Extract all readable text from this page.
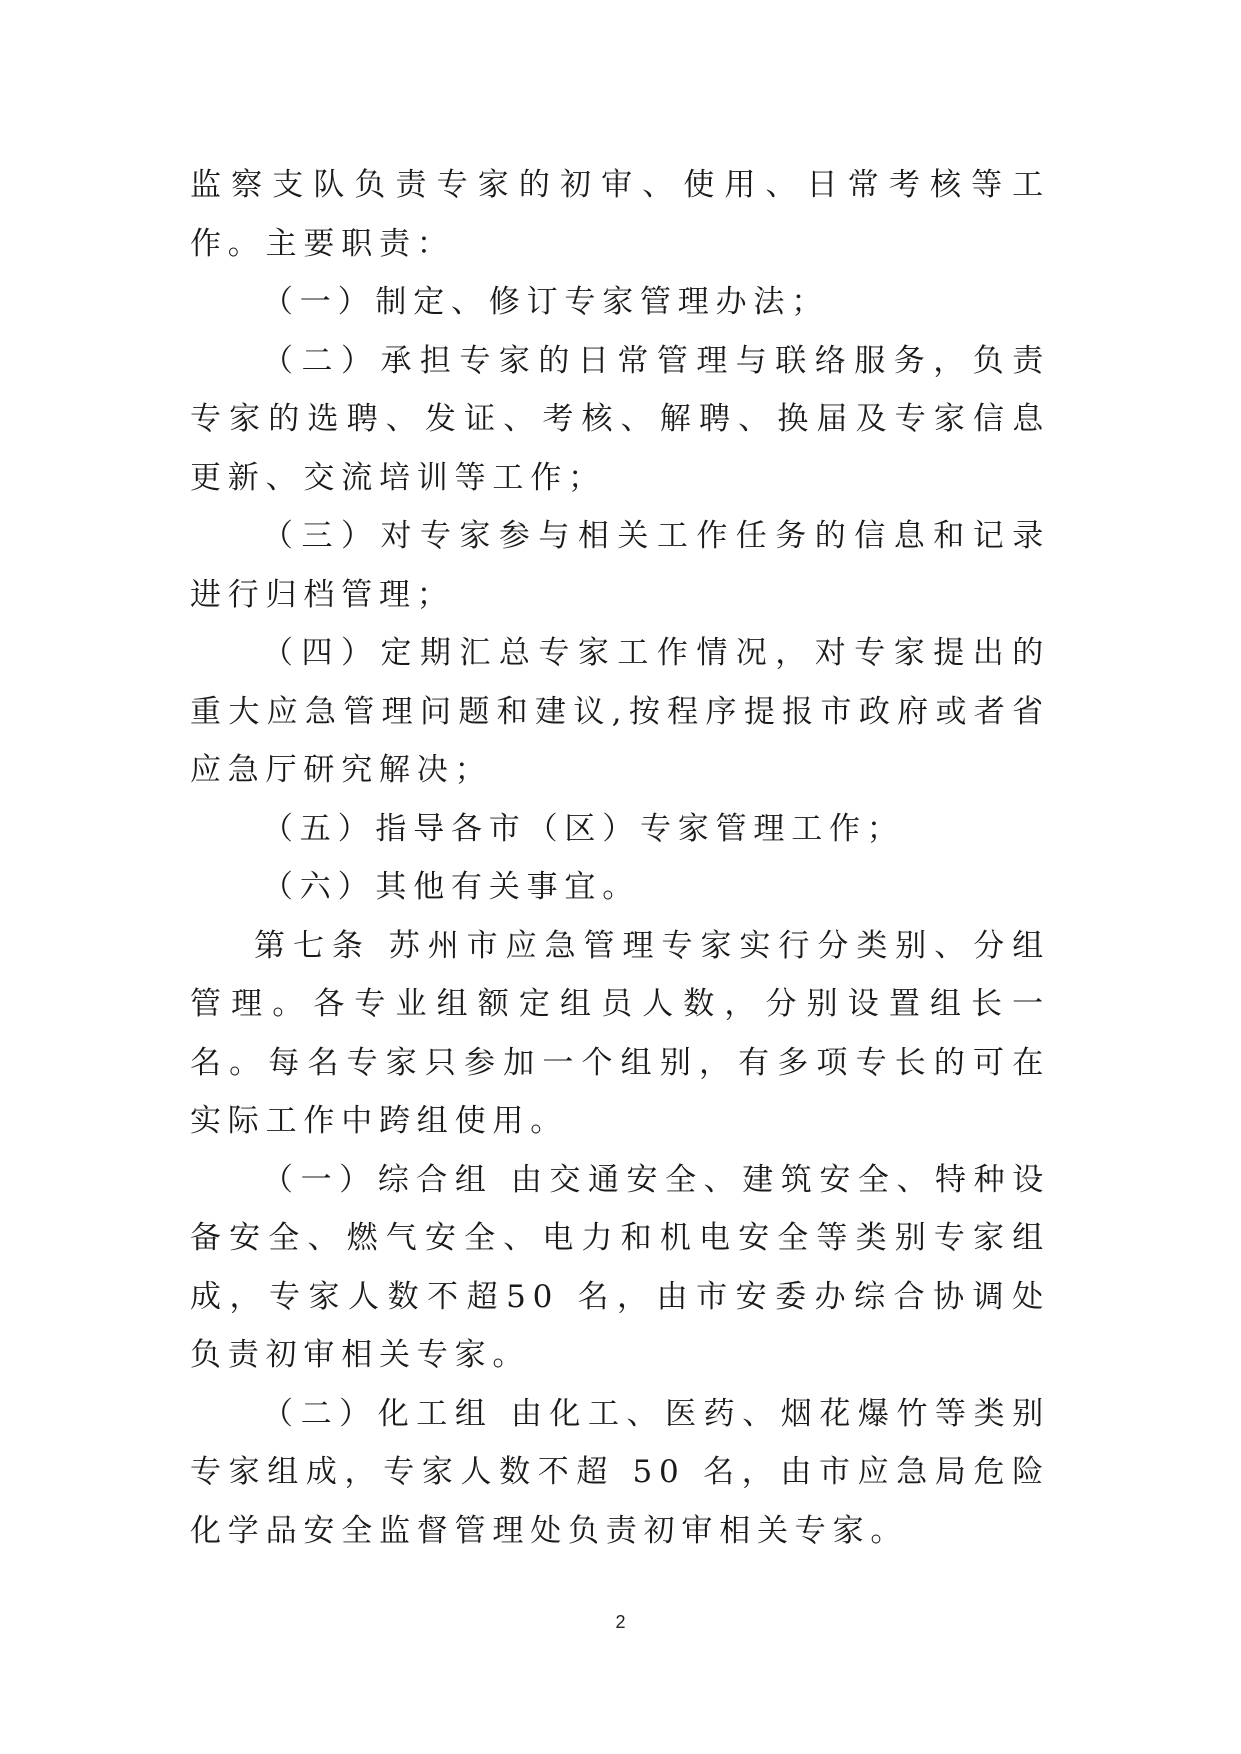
监察支队负责专家的初审、使用、日常考核等工作。主要职责：

（一）制定、修订专家管理办法；

（二）承担专家的日常管理与联络服务，负责专家的选聘、发证、考核、解聘、换届及专家信息更新、交流培训等工作；

（三）对专家参与相关工作任务的信息和记录进行归档管理；

（四）定期汇总专家工作情况，对专家提出的重大应急管理问题和建议,按程序提报市政府或者省应急厅研究解决；

（五）指导各市（区）专家管理工作；

（六）其他有关事宜。

第七条 苏州市应急管理专家实行分类别、分组管理。各专业组额定组员人数，分别设置组长一名。每名专家只参加一个组别，有多项专长的可在实际工作中跨组使用。

（一）综合组 由交通安全、建筑安全、特种设备安全、燃气安全、电力和机电安全等类别专家组成，专家人数不超50 名，由市安委办综合协调处负责初审相关专家。

（二）化工组 由化工、医药、烟花爆竹等类别专家组成，专家人数不超 50 名，由市应急局危险化学品安全监督管理处负责初审相关专家。

2
